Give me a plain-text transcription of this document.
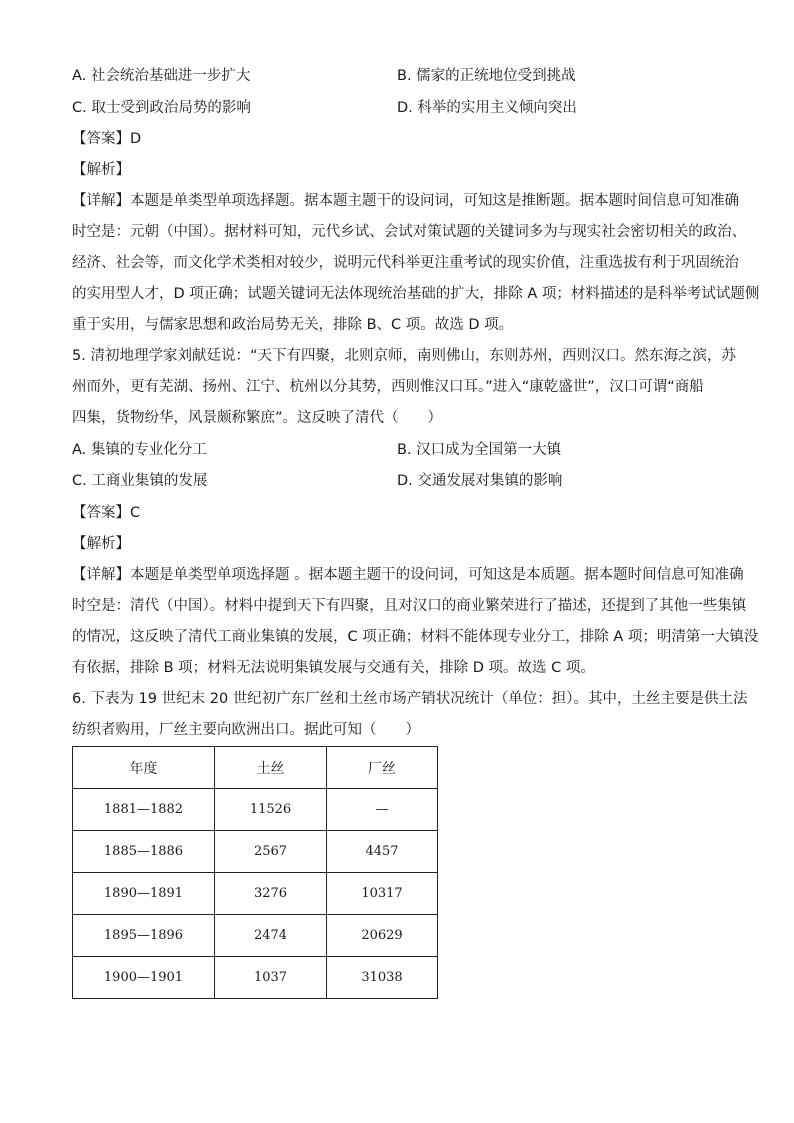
A. 社会统治基础进一步扩大	B. 儒家的正统地位受到挑战
C. 取士受到政治局势的影响	D. 科举的实用主义倾向突出
【答案】D
【解析】
【详解】本题是单类型单项选择题。据本题主题干的设问词，可知这是推断题。据本题时间信息可知准确
时空是：元朝（中国）。据材料可知，元代乡试、会试对策试题的关键词多为与现实社会密切相关的政治、
经济、社会等，而文化学术类相对较少，说明元代科举更注重考试的现实价值，注重选拔有利于巩固统治
的实用型人才，D 项正确；试题关键词无法体现统治基础的扩大，排除 A 项；材料描述的是科举考试试题侧
重于实用，与儒家思想和政治局势无关，排除 B、C 项。故选 D 项。
5. 清初地理学家刘献廷说：“天下有四聚，北则京师，南则佛山，东则苏州，西则汉口。然东海之滨，苏
州而外，更有芜湖、扬州、江宁、杭州以分其势，西则惟汉口耳。”进入“康乾盛世”，汉口可谓“商船
四集，货物纷华，风景颇称繁庶”。这反映了清代（　　）
A. 集镇的专业化分工	B. 汉口成为全国第一大镇
C. 工商业集镇的发展	D. 交通发展对集镇的影响
【答案】C
【解析】
【详解】本题是单类型单项选择题 。据本题主题干的设问词，可知这是本质题。据本题时间信息可知准确
时空是：清代（中国）。材料中提到天下有四聚，且对汉口的商业繁荣进行了描述，还提到了其他一些集镇
的情况，这反映了清代工商业集镇的发展，C 项正确；材料不能体现专业分工，排除 A 项；明清第一大镇没
有依据，排除 B 项；材料无法说明集镇发展与交通有关，排除 D 项。故选 C 项。
6. 下表为 19 世纪末 20 世纪初广东厂丝和土丝市场产销状况统计（单位：担）。其中，土丝主要是供土法
纺织者购用，厂丝主要向欧洲出口。据此可知（　　）
年度	土丝	厂丝
1881—1882	11526	—
1885—1886	2567	4457
1890—1891	3276	10317
1895—1896	2474	20629
1900—1901	1037	31038
